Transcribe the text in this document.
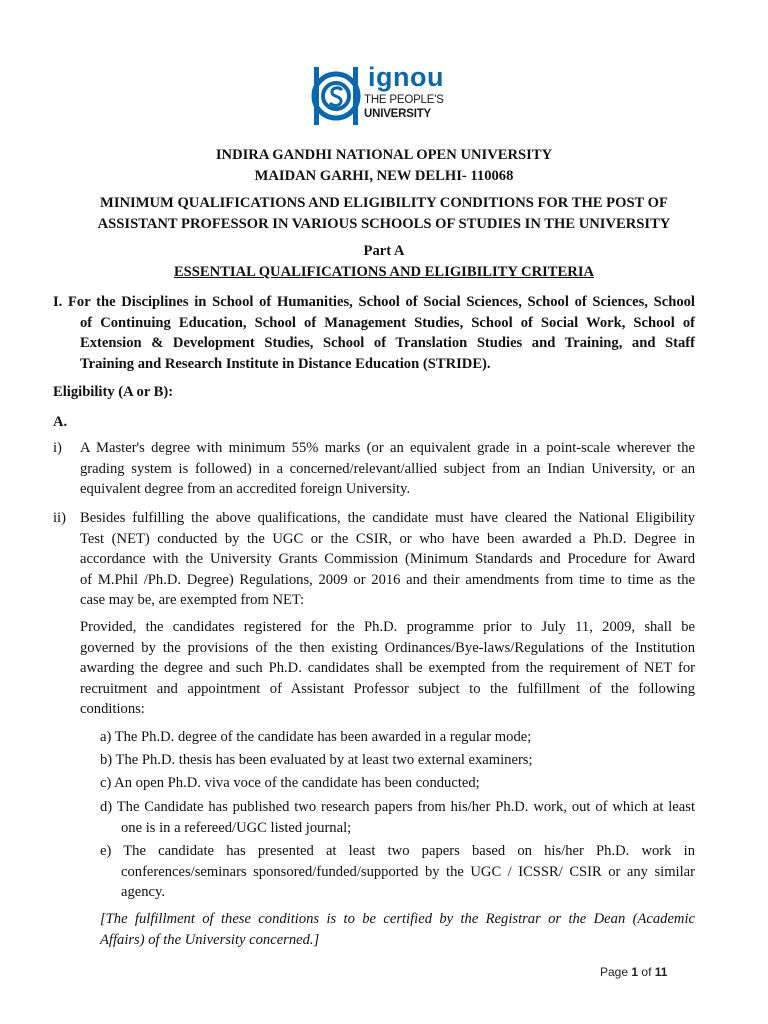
ignou
THE PEOPLE'S
UNIVERSITY
INDIRA GANDHI NATIONAL OPEN UNIVERSITY
MAIDAN GARHI, NEW DELHI- 110068
MINIMUM QUALIFICATIONS AND ELIGIBILITY CONDITIONS FOR THE POST OF
ASSISTANT PROFESSOR IN VARIOUS SCHOOLS OF STUDIES IN THE UNIVERSITY
Part A
ESSENTIAL QUALIFICATIONS AND ELIGIBILITY CRITERIA
I. For the Disciplines in School of Humanities, School of Social Sciences, School of Sciences, School
of Continuing Education, School of Management Studies, School of Social Work, School of
Extension & Development Studies, School of Translation Studies and Training, and Staff
Training and Research Institute in Distance Education (STRIDE).
Eligibility (A or B):
A.
i) A Master's degree with minimum 55% marks (or an equivalent grade in a point-scale wherever the
grading system is followed) in a concerned/relevant/allied subject from an Indian University, or an
equivalent degree from an accredited foreign University.
ii) Besides fulfilling the above qualifications, the candidate must have cleared the National Eligibility
Test (NET) conducted by the UGC or the CSIR, or who have been awarded a Ph.D. Degree in
accordance with the University Grants Commission (Minimum Standards and Procedure for Award
of M.Phil /Ph.D. Degree) Regulations, 2009 or 2016 and their amendments from time to time as the
case may be, are exempted from NET:
Provided, the candidates registered for the Ph.D. programme prior to July 11, 2009, shall be
governed by the provisions of the then existing Ordinances/Bye-laws/Regulations of the Institution
awarding the degree and such Ph.D. candidates shall be exempted from the requirement of NET for
recruitment and appointment of Assistant Professor subject to the fulfillment of the following
conditions:
a) The Ph.D. degree of the candidate has been awarded in a regular mode;
b) The Ph.D. thesis has been evaluated by at least two external examiners;
c) An open Ph.D. viva voce of the candidate has been conducted;
d) The Candidate has published two research papers from his/her Ph.D. work, out of which at least
one is in a refereed/UGC listed journal;
e) The candidate has presented at least two papers based on his/her Ph.D. work in
conferences/seminars sponsored/funded/supported by the UGC / ICSSR/ CSIR or any similar
agency.
[The fulfillment of these conditions is to be certified by the Registrar or the Dean (Academic
Affairs) of the University concerned.]
Page 1 of 11
